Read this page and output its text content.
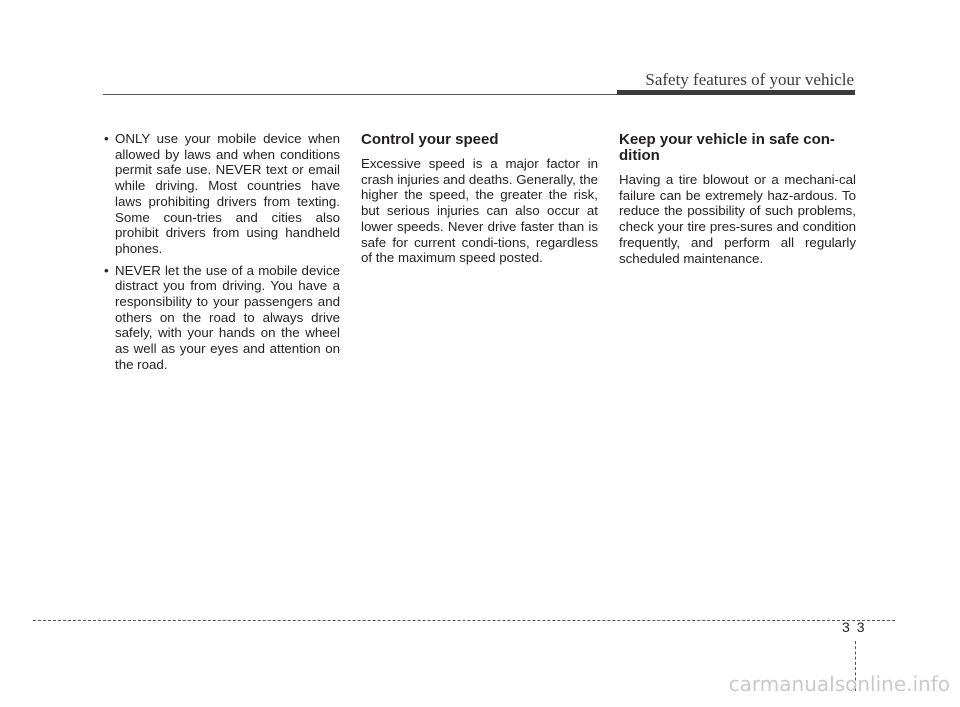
Safety features of your vehicle
• ONLY use your mobile device when allowed by laws and when conditions permit safe use. NEVER text or email while driving. Most countries have laws prohibiting drivers from texting. Some coun-tries and cities also prohibit drivers from using handheld phones.
• NEVER let the use of a mobile device distract you from driving. You have a responsibility to your passengers and others on the road to always drive safely, with your hands on the wheel as well as your eyes and attention on the road.
Control your speed

Excessive speed is a major factor in crash injuries and deaths. Generally, the higher the speed, the greater the risk, but serious injuries can also occur at lower speeds. Never drive faster than is safe for current condi-tions, regardless of the maximum speed posted.

Keep your vehicle in safe con-dition

Having a tire blowout or a mechani-cal failure can be extremely haz-ardous. To reduce the possibility of such problems, check your tire pres-sures and condition frequently, and perform all regularly scheduled maintenance.

3 3
carmanualsonline.info
